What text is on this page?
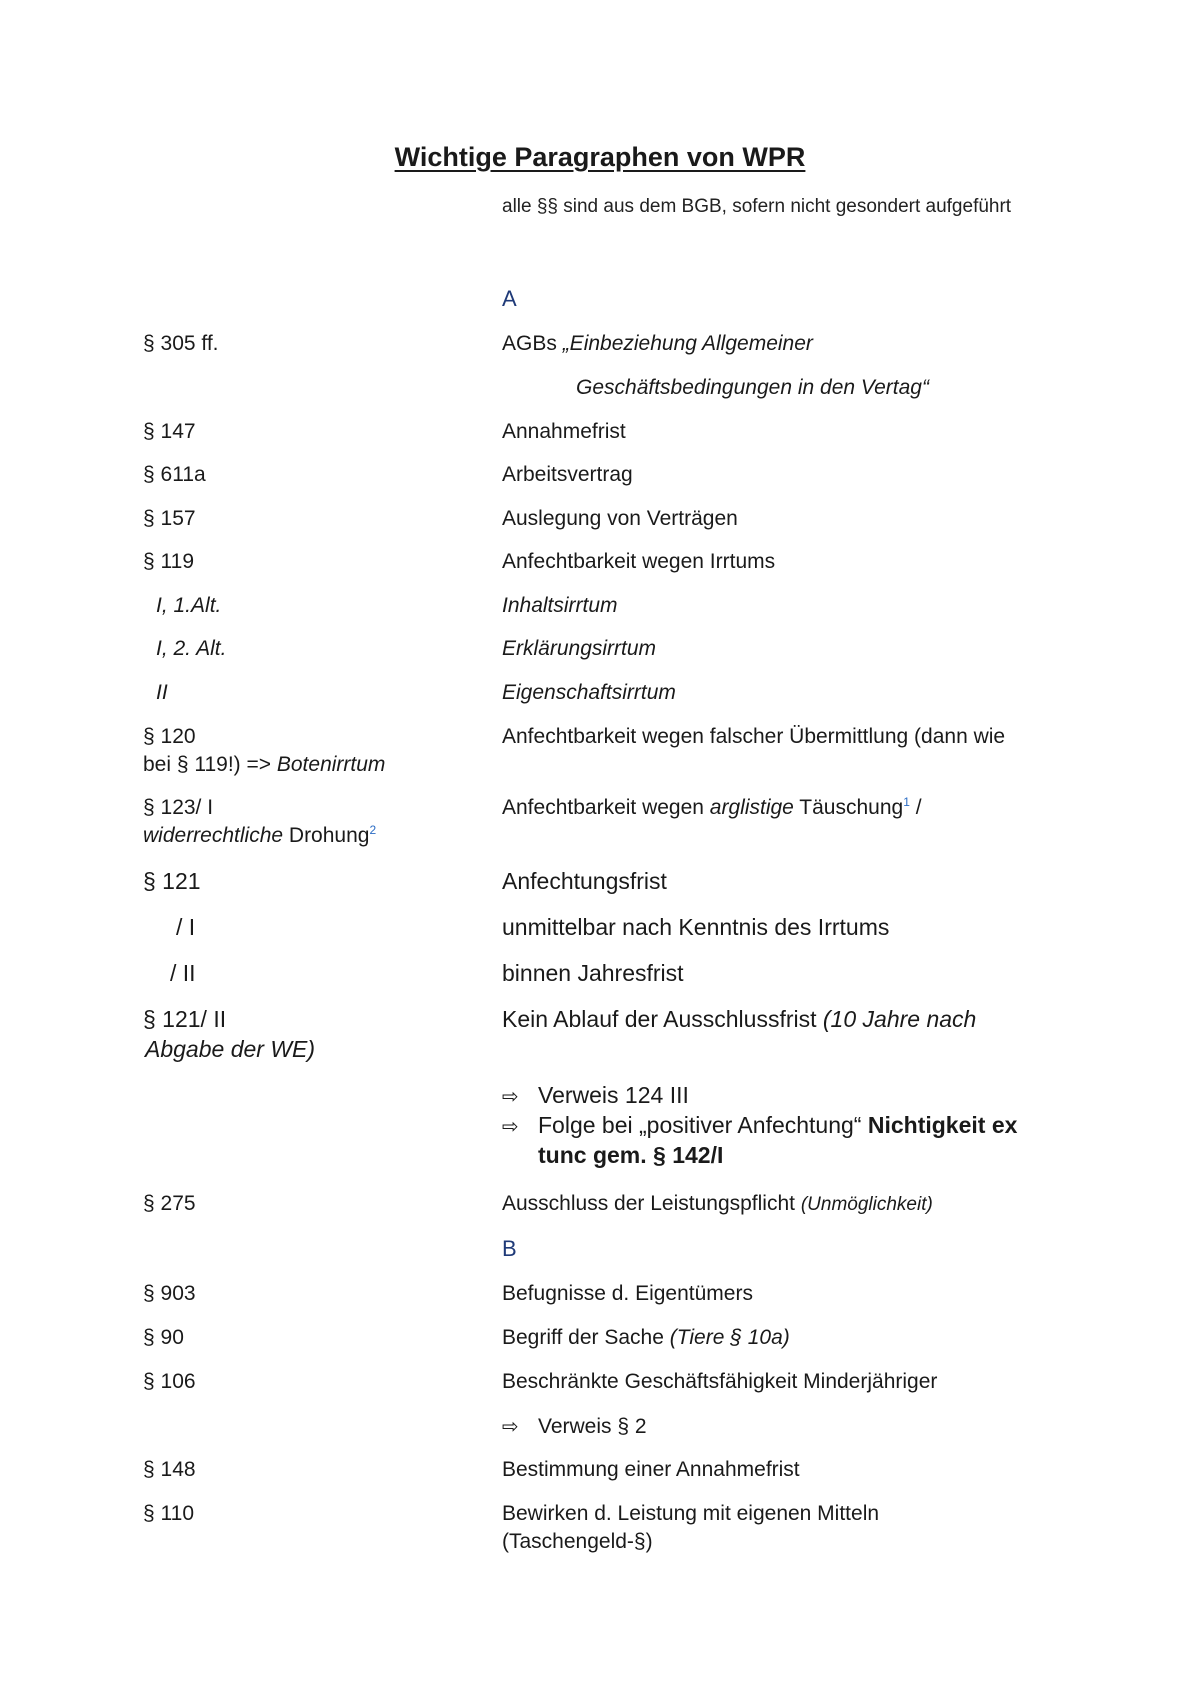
Wichtige Paragraphen von WPR
alle §§ sind aus dem BGB, sofern nicht gesondert aufgeführt
A
§ 305 ff.	AGBs „Einbeziehung Allgemeiner
Geschäftsbedingungen in den Vertag“
§ 147	Annahmefrist
§ 611a	Arbeitsvertrag
§ 157	Auslegung von Verträgen
§ 119	Anfechtbarkeit wegen Irrtums
I, 1.Alt.	Inhaltsirrtum
I, 2. Alt.	Erklärungsirrtum
II	Eigenschaftsirrtum
§ 120	Anfechtbarkeit wegen falscher Übermittlung (dann wie
bei § 119!) => Botenirrtum
§ 123/ I	Anfechtbarkeit wegen arglistige Täuschung$^1$ /
widerrechtliche Drohung$^2$
§ 121	Anfechtungsfrist
/ I	unmittelbar nach Kenntnis des Irrtums
/ II	binnen Jahresfrist
§ 121/ II	Kein Ablauf der Ausschlussfrist (10 Jahre nach
Abgabe der WE)
⇨ Verweis 124 III
⇨ Folge bei „positiver Anfechtung“ Nichtigkeit ex
tunc gem. § 142/I
§ 275	Ausschluss der Leistungspflicht (Unmöglichkeit)
B
§ 903	Befugnisse d. Eigentümers
§ 90	Begriff der Sache (Tiere § 10a)
§ 106	Beschränkte Geschäftsfähigkeit Minderjähriger
⇨ Verweis § 2
§ 148	Bestimmung einer Annahmefrist
§ 110	Bewirken d. Leistung mit eigenen Mitteln
(Taschengeld-§)
